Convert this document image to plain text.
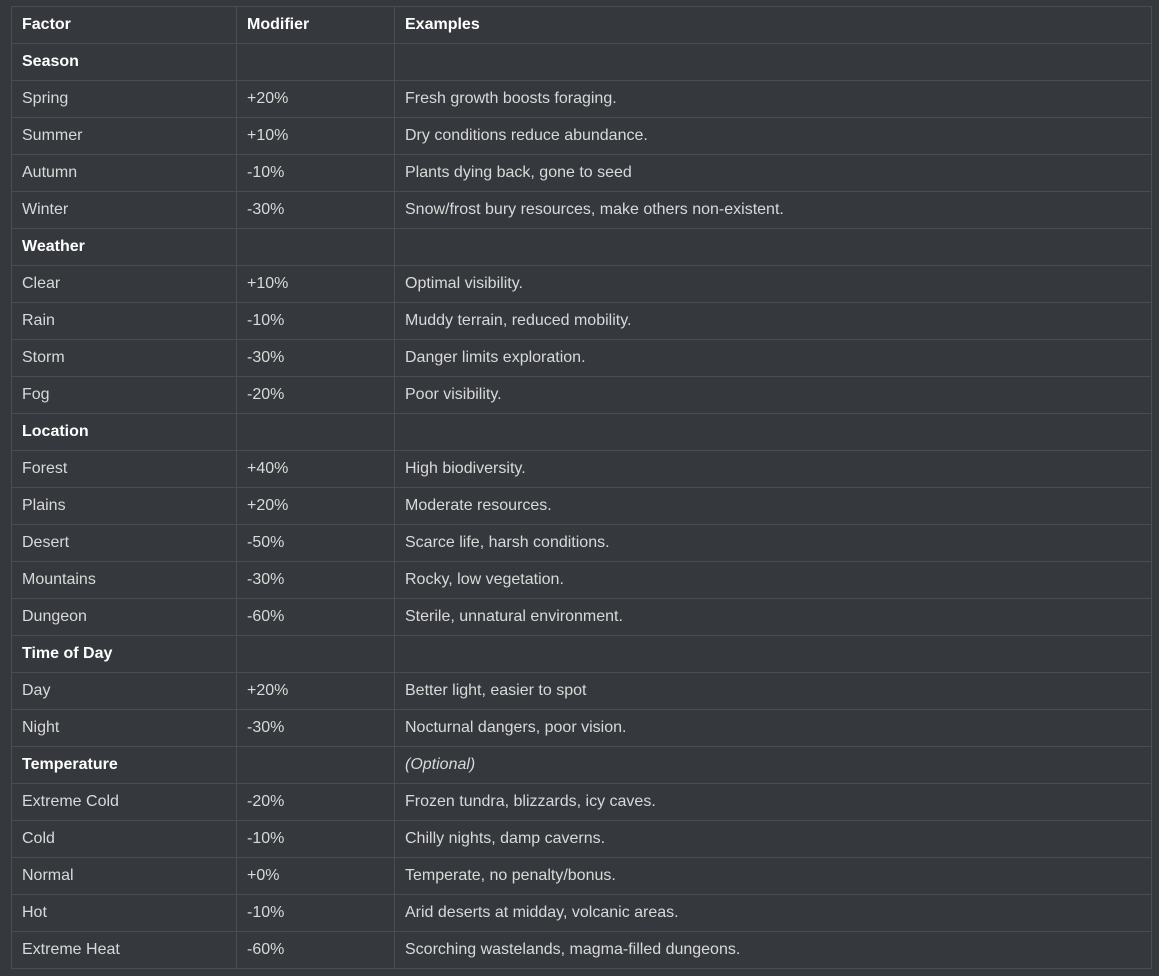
Factor	Modifier	Examples
Season		
Spring	+20%	Fresh growth boosts foraging.
Summer	+10%	Dry conditions reduce abundance.
Autumn	-10%	Plants dying back, gone to seed
Winter	-30%	Snow/frost bury resources, make others non-existent.
Weather		
Clear	+10%	Optimal visibility.
Rain	-10%	Muddy terrain, reduced mobility.
Storm	-30%	Danger limits exploration.
Fog	-20%	Poor visibility.
Location		
Forest	+40%	High biodiversity.
Plains	+20%	Moderate resources.
Desert	-50%	Scarce life, harsh conditions.
Mountains	-30%	Rocky, low vegetation.
Dungeon	-60%	Sterile, unnatural environment.
Time of Day		
Day	+20%	Better light, easier to spot
Night	-30%	Nocturnal dangers, poor vision.
Temperature		(Optional)
Extreme Cold	-20%	Frozen tundra, blizzards, icy caves.
Cold	-10%	Chilly nights, damp caverns.
Normal	+0%	Temperate, no penalty/bonus.
Hot	-10%	Arid deserts at midday, volcanic areas.
Extreme Heat	-60%	Scorching wastelands, magma-filled dungeons.
